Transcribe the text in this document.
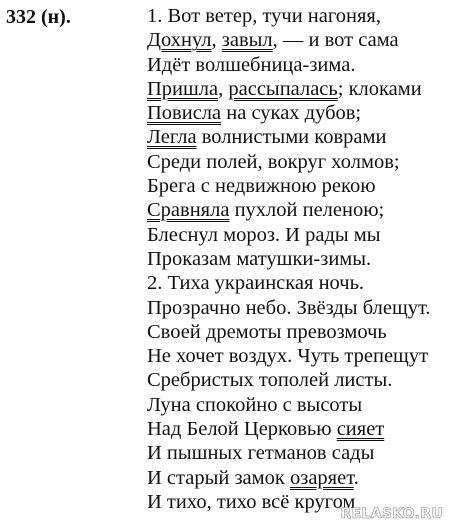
332 (н).	1. Вот ветер, тучи нагоняя,
Дохнул, завыл, — и вот сама
Идёт волшебница-зима.
Пришла, рассыпалась; клоками
Повисла на суках дубов;
Легла волнистыми коврами
Среди полей, вокруг холмов;
Брега с недвижною рекою
Сравняла пухлой пеленою;
Блеснул мороз. И рады мы
Проказам матушки-зимы.
2. Тиха украинская ночь.
Прозрачно небо. Звёзды блещут.
Своей дремоты превозмочь
Не хочет воздух. Чуть трепещут
Сребристых тополей листы.
Луна спокойно с высоты
Над Белой Церковью сияет
И пышных гетманов сады
И старый замок озаряет.
И тихо, тихо всё кругом
RELASKO.RU
